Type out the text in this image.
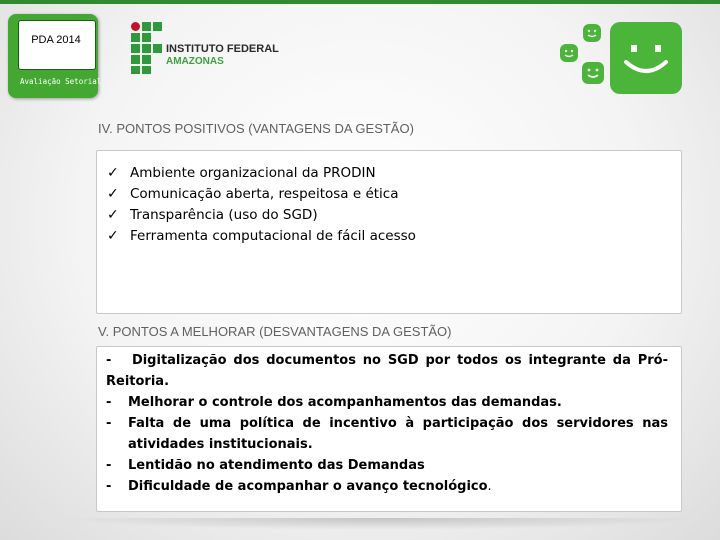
PDA 2014
Avaliação Setorial
INSTITUTO FEDERAL
AMAZONAS
IV. PONTOS POSITIVOS (VANTAGENS DA GESTÃO)
✓ Ambiente organizacional da PRODIN
✓ Comunicação aberta, respeitosa e ética
✓ Transparência (uso do SGD)
✓ Ferramenta computacional de fácil acesso
V. PONTOS A MELHORAR (DESVANTAGENS DA GESTÃO)
- Digitalização dos documentos no SGD por todos os integrante da Pró-
Reitoria.
-	Melhorar o controle dos acompanhamentos das demandas.
-	Falta de uma política de incentivo à participação dos servidores nas
atividades institucionais.
-	Lentidão no atendimento das Demandas
-	Dificuldade de acompanhar o avanço tecnológico.
